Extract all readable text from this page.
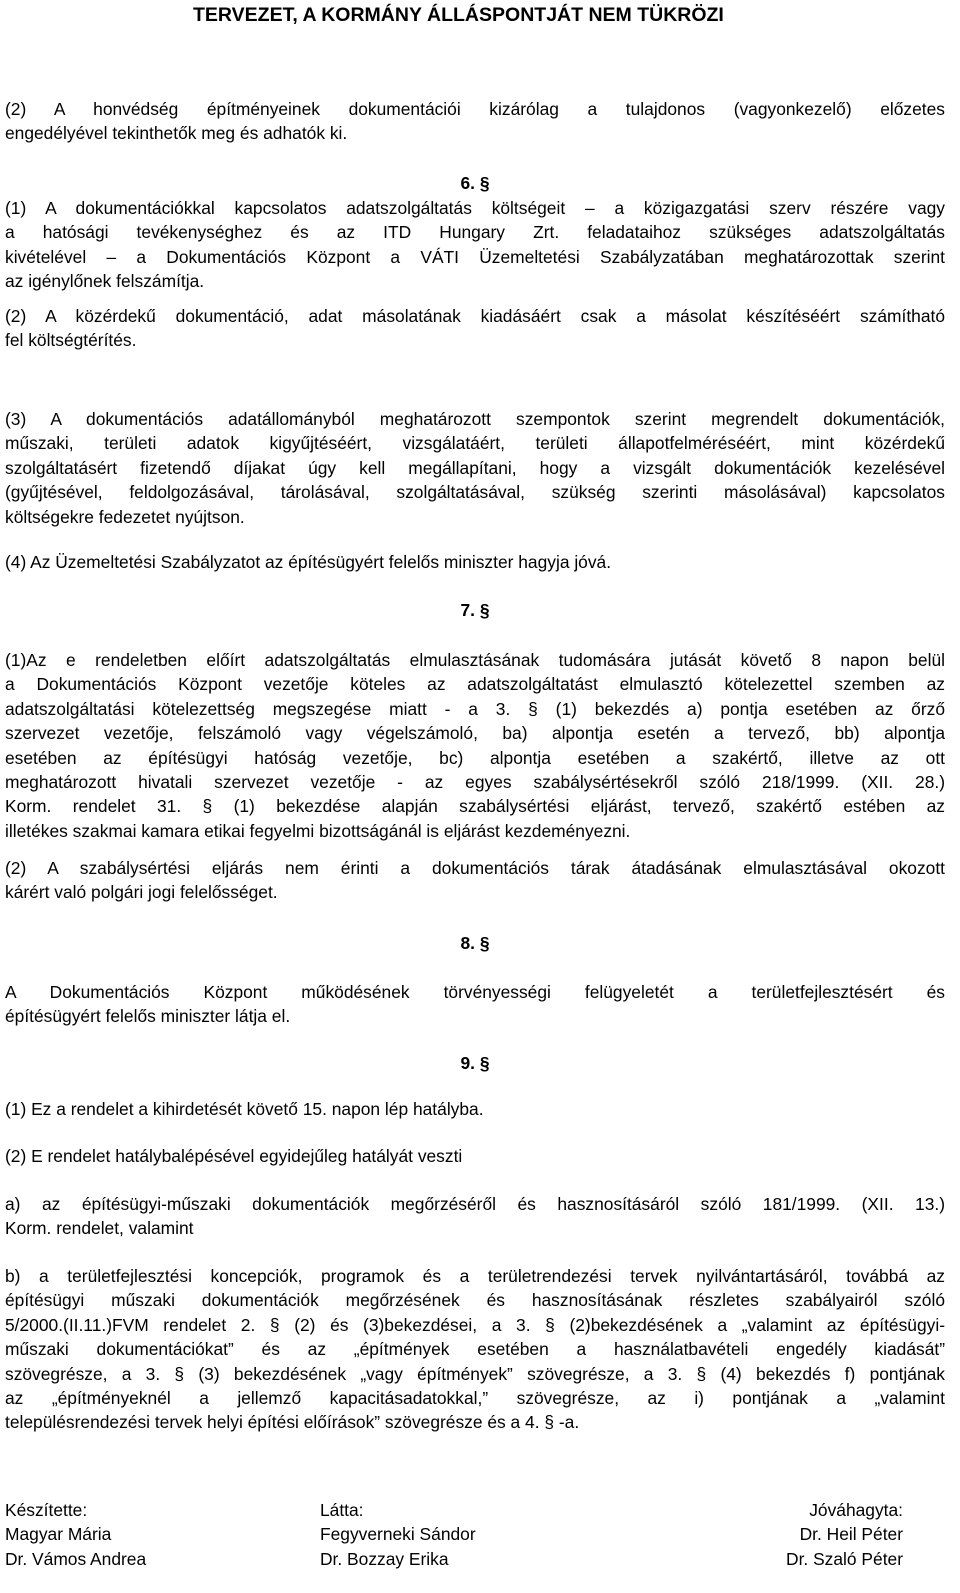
TERVEZET, A KORMÁNY ÁLLÁSPONTJÁT NEM TÜKRÖZI
(2) A honvédség építményeinek dokumentációi kizárólag a tulajdonos (vagyonkezelő) előzetes
engedélyével tekinthetők meg és adhatók ki.
6. §
(1) A dokumentációkkal kapcsolatos adatszolgáltatás költségeit – a közigazgatási szerv részére vagy
a hatósági tevékenységhez és az ITD Hungary Zrt. feladataihoz szükséges adatszolgáltatás
kivételével – a Dokumentációs Központ a VÁTI Üzemeltetési Szabályzatában meghatározottak szerint
az igénylőnek felszámítja.
(2) A közérdekű dokumentáció, adat másolatának kiadásáért csak a másolat készítéséért számítható
fel költségtérítés.
(3) A dokumentációs adatállományból meghatározott szempontok szerint megrendelt dokumentációk,
műszaki, területi adatok kigyűjtéséért, vizsgálatáért, területi állapotfelméréséért, mint közérdekű
szolgáltatásért fizetendő díjakat úgy kell megállapítani, hogy a vizsgált dokumentációk kezelésével
(gyűjtésével, feldolgozásával, tárolásával, szolgáltatásával, szükség szerinti másolásával) kapcsolatos
költségekre fedezetet nyújtson.
(4) Az Üzemeltetési Szabályzatot az építésügyért felelős miniszter hagyja jóvá.
7. §
(1)Az e rendeletben előírt adatszolgáltatás elmulasztásának tudomására jutását követő 8 napon belül
a Dokumentációs Központ vezetője köteles az adatszolgáltatást elmulasztó kötelezettel szemben az
adatszolgáltatási kötelezettség megszegése miatt - a 3. § (1) bekezdés a) pontja esetében az őrző
szervezet vezetője, felszámoló vagy végelszámoló, ba) alpontja esetén a tervező, bb) alpontja
esetében az építésügyi hatóság vezetője, bc) alpontja esetében a szakértő, illetve az ott
meghatározott hivatali szervezet vezetője - az egyes szabálysértésekről szóló 218/1999. (XII. 28.)
Korm. rendelet 31. § (1) bekezdése alapján szabálysértési eljárást, tervező, szakértő estében az
illetékes szakmai kamara etikai fegyelmi bizottságánál is eljárást kezdeményezni.
(2) A szabálysértési eljárás nem érinti a dokumentációs tárak átadásának elmulasztásával okozott
kárért való polgári jogi felelősséget.
8. §
A Dokumentációs Központ működésének törvényességi felügyeletét a területfejlesztésért és
építésügyért felelős miniszter látja el.
9. §
(1) Ez a rendelet a kihirdetését követő 15. napon lép hatályba.
(2) E rendelet hatálybalépésével egyidejűleg hatályát veszti
a) az építésügyi-műszaki dokumentációk megőrzéséről és hasznosításáról szóló 181/1999. (XII. 13.)
Korm. rendelet, valamint
b) a területfejlesztési koncepciók, programok és a területrendezési tervek nyilvántartásáról, továbbá az
építésügyi műszaki dokumentációk megőrzésének és hasznosításának részletes szabályairól szóló
5/2000.(II.11.)FVM rendelet 2. § (2) és (3)bekezdései, a 3. § (2)bekezdésének a „valamint az építésügyi-
műszaki dokumentációkat” és az „építmények esetében a használatbavételi engedély kiadását”
szövegrésze, a 3. § (3) bekezdésének „vagy építmények” szövegrésze, a 3. § (4) bekezdés f) pontjának
az „építményeknél a jellemző kapacitásadatokkal,” szövegrésze, az i) pontjának a „valamint
településrendezési tervek helyi építési előírások” szövegrésze és a 4. § -a.
Készítette:
Magyar Mária
Dr. Vámos Andrea
Látta:
Fegyverneki Sándor
Dr. Bozzay Erika
Jóváhagyta:
Dr. Heil Péter
Dr. Szaló Péter
